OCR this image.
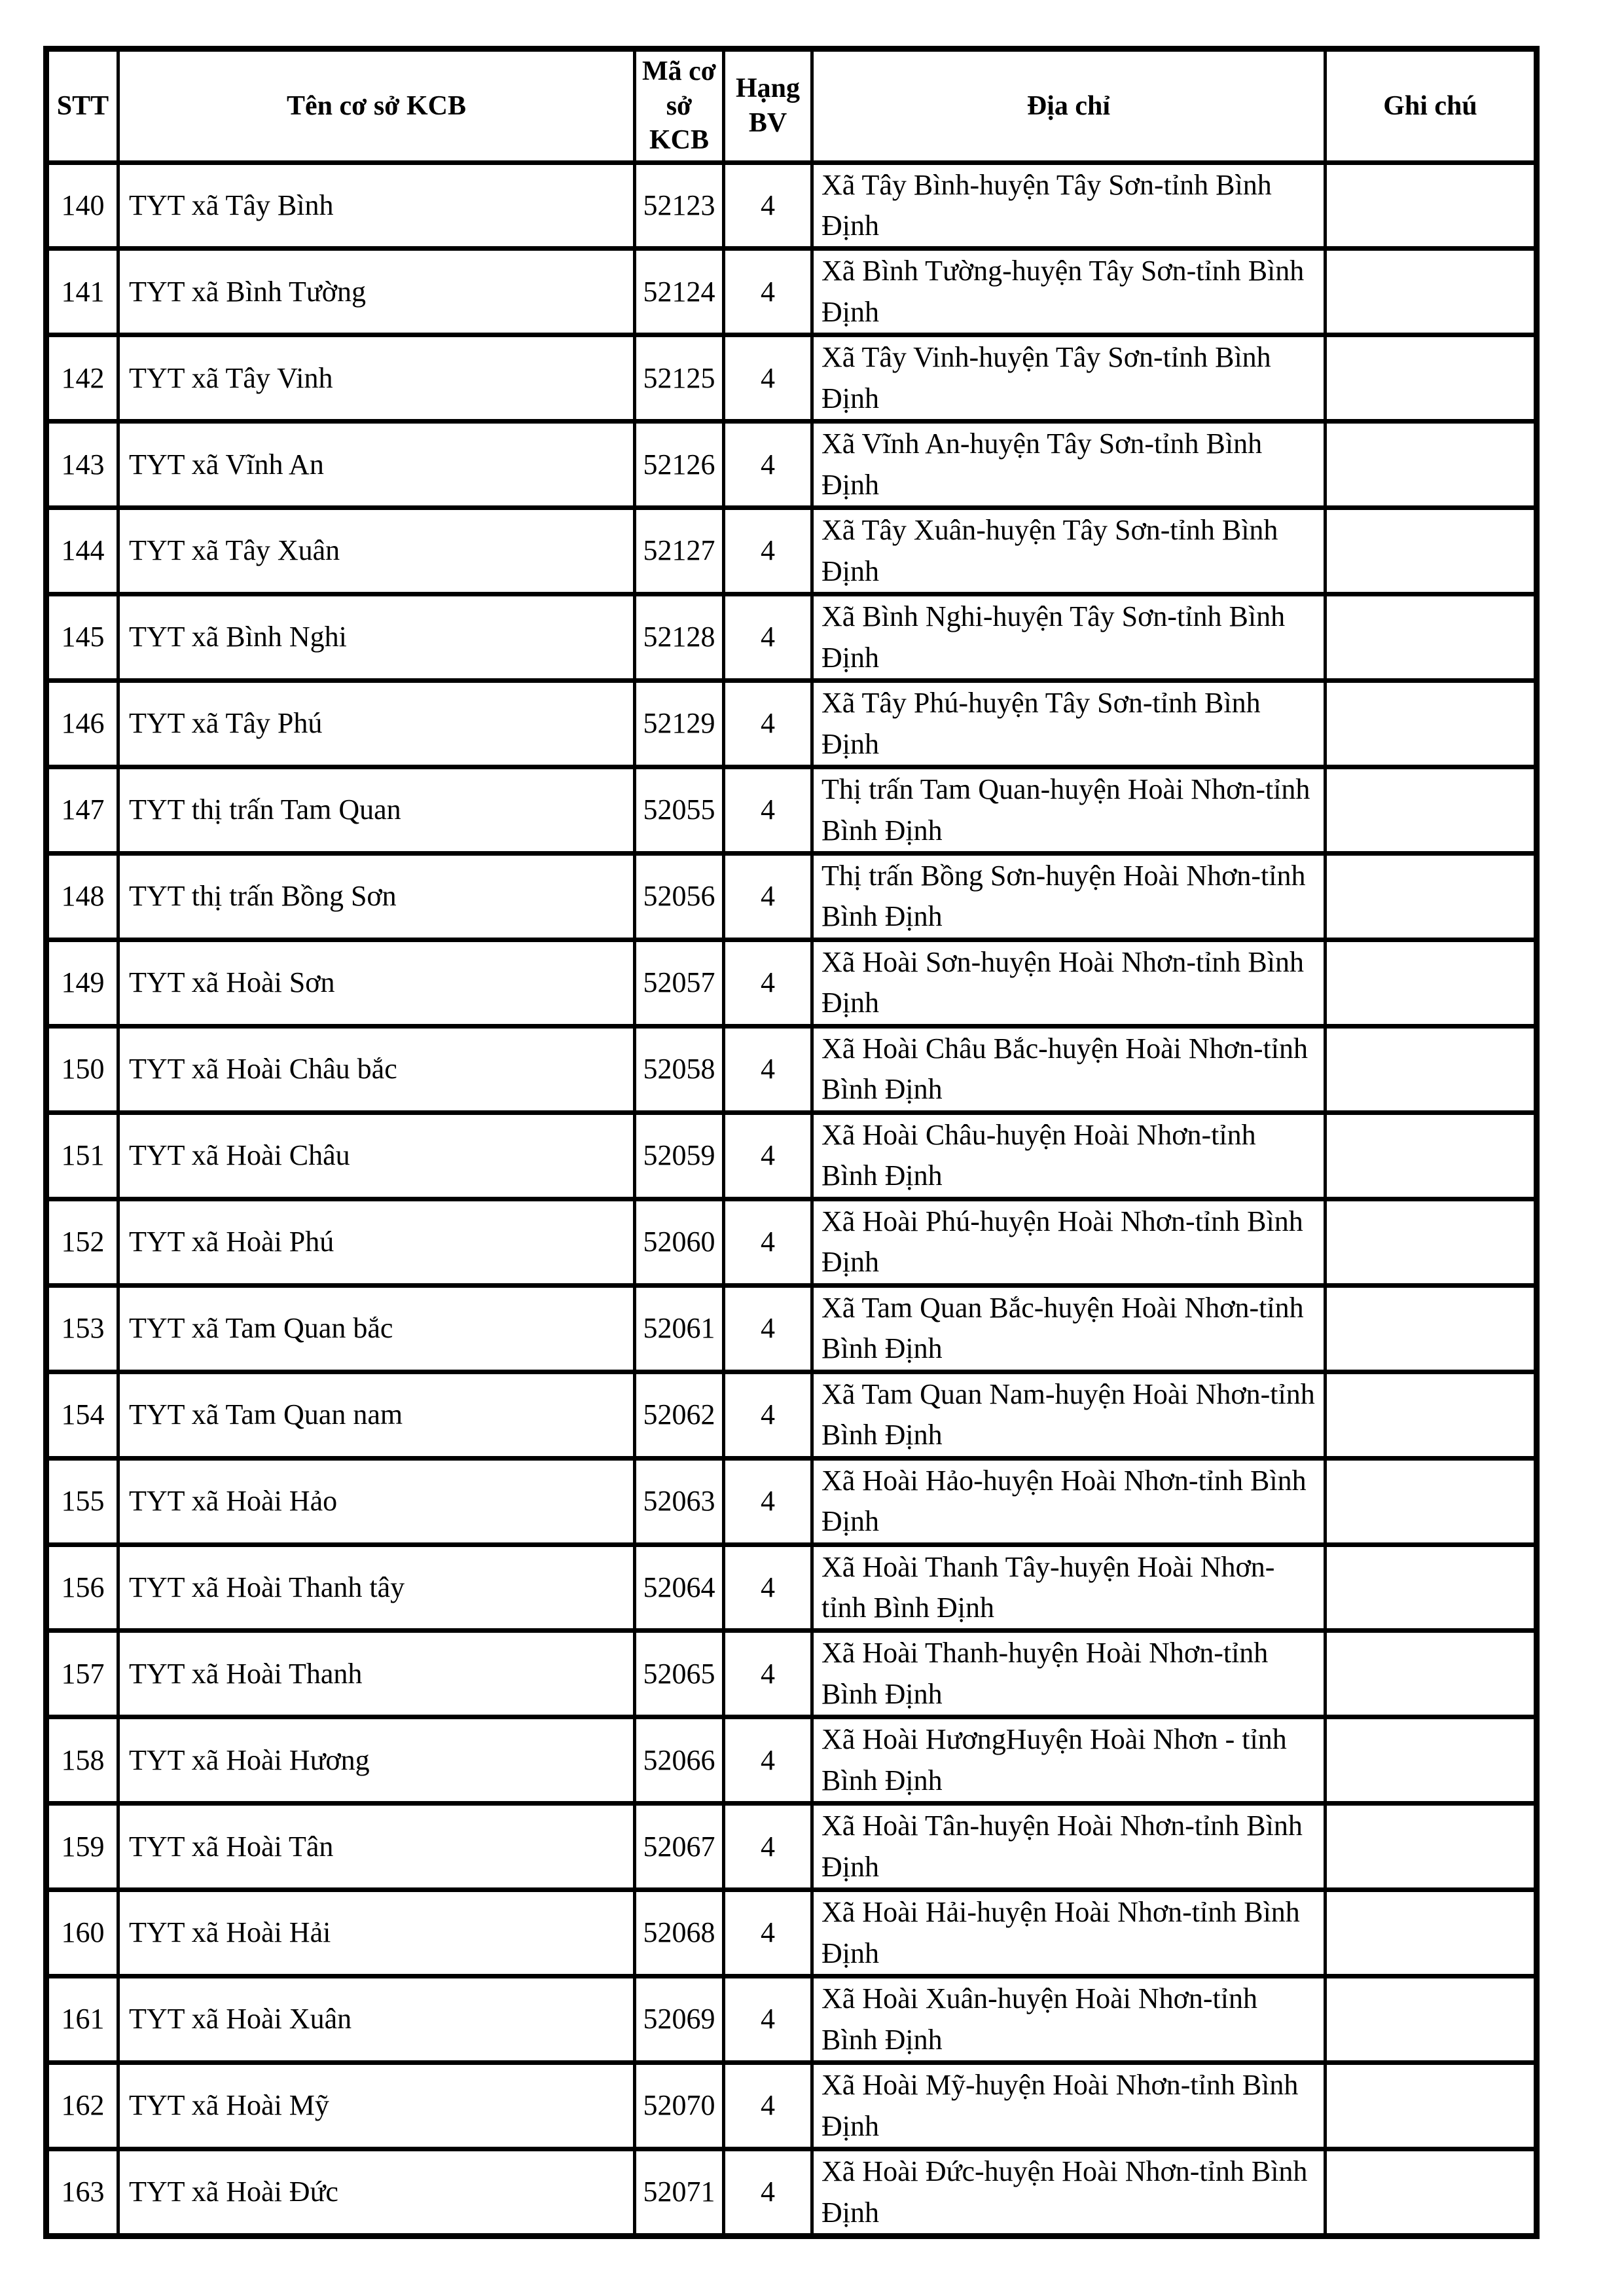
STT	Tên cơ sở KCB	Mã cơ sở KCB	Hạng BV	Địa chỉ	Ghi chú
140	TYT xã Tây Bình	52123	4	Xã Tây Bình-huyện Tây Sơn-tỉnh Bình Định	
141	TYT xã Bình Tường	52124	4	Xã Bình Tường-huyện Tây Sơn-tỉnh Bình Định	
142	TYT xã Tây Vinh	52125	4	Xã Tây Vinh-huyện Tây Sơn-tỉnh Bình Định	
143	TYT xã Vĩnh An	52126	4	Xã Vĩnh An-huyện Tây Sơn-tỉnh Bình Định	
144	TYT xã Tây Xuân	52127	4	Xã Tây Xuân-huyện Tây Sơn-tỉnh Bình Định	
145	TYT xã Bình Nghi	52128	4	Xã Bình Nghi-huyện Tây Sơn-tỉnh Bình Định	
146	TYT xã Tây Phú	52129	4	Xã Tây Phú-huyện Tây Sơn-tỉnh Bình Định	
147	TYT thị trấn Tam Quan	52055	4	Thị trấn Tam Quan-huyện Hoài Nhơn-tỉnh Bình Định	
148	TYT thị trấn Bồng Sơn	52056	4	Thị trấn Bồng Sơn-huyện Hoài Nhơn-tỉnh Bình Định	
149	TYT xã Hoài Sơn	52057	4	Xã Hoài Sơn-huyện Hoài Nhơn-tỉnh Bình Định	
150	TYT xã Hoài Châu bắc	52058	4	Xã Hoài Châu Bắc-huyện Hoài Nhơn-tỉnh Bình Định	
151	TYT xã Hoài Châu	52059	4	Xã Hoài Châu-huyện Hoài Nhơn-tỉnh Bình Định	
152	TYT xã Hoài Phú	52060	4	Xã Hoài Phú-huyện Hoài Nhơn-tỉnh Bình Định	
153	TYT xã Tam Quan bắc	52061	4	Xã Tam Quan Bắc-huyện Hoài Nhơn-tỉnh Bình Định	
154	TYT xã Tam Quan nam	52062	4	Xã Tam Quan Nam-huyện Hoài Nhơn-tỉnh Bình Định	
155	TYT xã Hoài Hảo	52063	4	Xã Hoài Hảo-huyện Hoài Nhơn-tỉnh Bình Định	
156	TYT xã Hoài Thanh tây	52064	4	Xã Hoài Thanh Tây-huyện Hoài Nhơn-tỉnh Bình Định	
157	TYT xã Hoài Thanh	52065	4	Xã Hoài Thanh-huyện Hoài Nhơn-tỉnh Bình Định	
158	TYT xã Hoài Hương	52066	4	Xã Hoài HươngHuyện Hoài Nhơn - tỉnh Bình Định	
159	TYT xã Hoài Tân	52067	4	Xã Hoài Tân-huyện Hoài Nhơn-tỉnh Bình Định	
160	TYT xã Hoài Hải	52068	4	Xã Hoài Hải-huyện Hoài Nhơn-tỉnh Bình Định	
161	TYT xã Hoài Xuân	52069	4	Xã Hoài Xuân-huyện Hoài Nhơn-tỉnh Bình Định	
162	TYT xã Hoài Mỹ	52070	4	Xã Hoài Mỹ-huyện Hoài Nhơn-tỉnh Bình Định	
163	TYT xã Hoài Đức	52071	4	Xã Hoài Đức-huyện Hoài Nhơn-tỉnh Bình Định	
